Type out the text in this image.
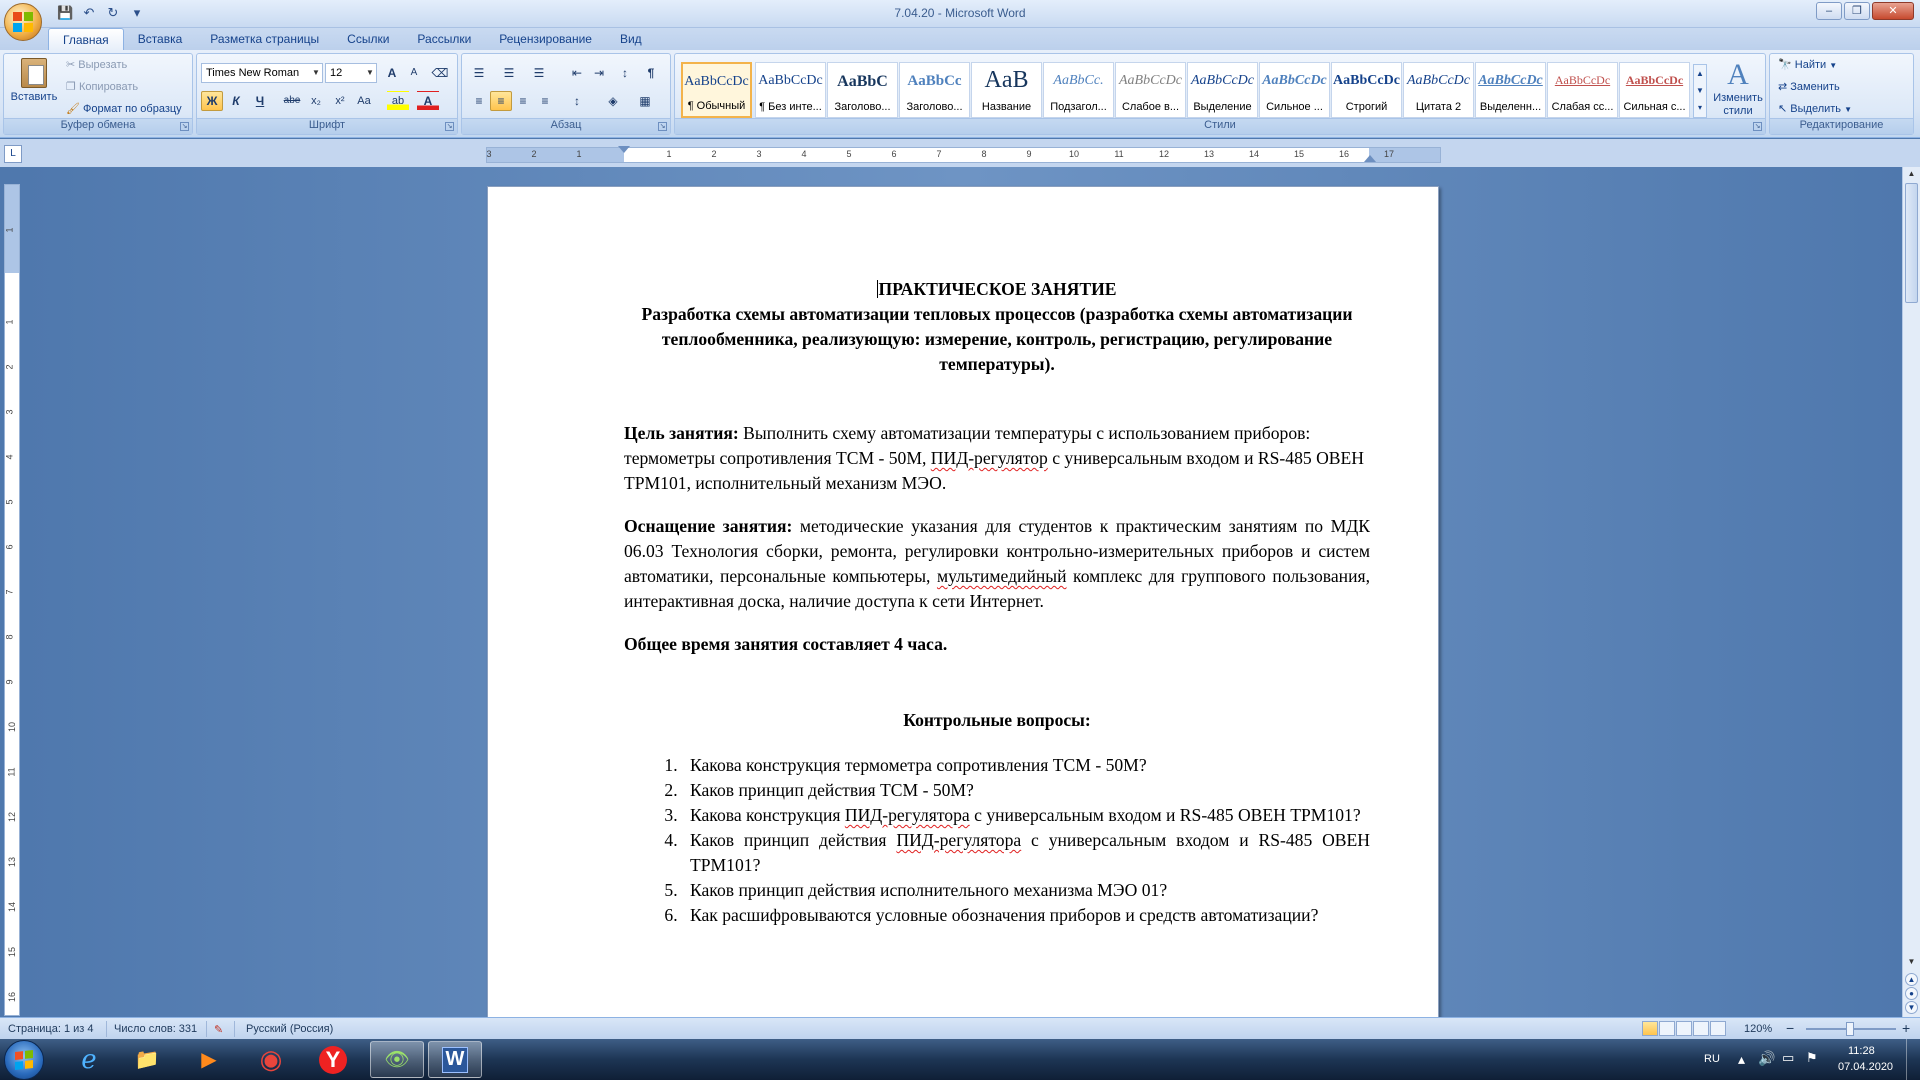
💾 ↶ ↻	▾	7.04.20 - Microsoft Word	–	❐	✕
Главная	Вставка	Разметка страницы	Ссылки	Рассылки	Рецензирование	Вид
Вставить
✂ Вырезать
❐ Копировать
🖌 Формат по образцу
Буфер обмена	↘
Times New Roman ▼ 12	▼	A	A	⌫
Ж	К	Ч	abe x₂	x²	Aa	ab	A
Шрифт	↘
☰	☰	☰	⇤ ⇥	↕	¶
≡	≡	≡	≡	↕	◈	▦
Абзац	↘
AaBbCcDc
¶ Обычный
AaBbCcDc
¶ Без инте...
AaBbC
Заголово...
AaBbCc
Заголово...
AaB
Название
AaBbCc.
Подзагол...
AaBbCcDc
Слабое в...
AaBbCcDc
Выделение
AaBbCcDc
Сильное ...
AaBbCcDc
Строгий
AaBbCcDc
Цитата 2
AaBbCcDc
Выделенн...
AaBbCcDc
Слабая сс...
AaBbCcDc
Сильная с...
▲
▼
▾
A
Изменить стили
Стили	↘
🔭 Найти ▼
⇄ Заменить
↖ Выделить ▼
Редактирование
L	3	2	1	1	2	3	4	5	6	7	8	9	10	11	12	13	14	15	16	17
1
1
2
3
4
5
6
7
8
9
10
11
12
13
14
15
16
ПРАКТИЧЕСКОЕ ЗАНЯТИЕ
Разработка схемы автоматизации тепловых процессов (разработка схемы автоматизации теплообменника, реализующую: измерение, контроль, регистрацию, регулирование температуры).
Цель занятия: Выполнить схему автоматизации температуры с использованием приборов: термометры сопротивления ТСМ - 50М, ПИД-регулятор с универсальным входом и RS-485 ОВЕН ТРМ101, исполнительный механизм МЭО.
Оснащение занятия: методические указания для студентов к практическим занятиям по МДК 06.03 Технология сборки, ремонта, регулировки контрольно-измерительных приборов и систем автоматики, персональные компьютеры, мультимедийный комплекс для группового пользования, интерактивная доска, наличие доступа к сети Интернет.
Общее время занятия составляет 4 часа.
Контрольные вопросы:
1. Какова конструкция термометра сопротивления ТСМ - 50М?
2. Каков принцип действия ТСМ - 50М?
3. Какова конструкция ПИД-регулятора с универсальным входом и RS-485 ОВЕН ТРМ101?
4. Каков принцип действия ПИД-регулятора с универсальным входом и RS-485 ОВЕН ТРМ101?
5. Каков принцип действия исполнительного механизма МЭО 01?
6. Как расшифровываются условные обозначения приборов и средств автоматизации?
▲
▼
▲
●
▼
Страница: 1 из 4 Число слов: 331 ✎ Русский (Россия)	120% −	+
e	📁	▶	◉	Y	👁	W	RU ▴ 🔊 ▭ ⚑	11:28
07.04.2020
